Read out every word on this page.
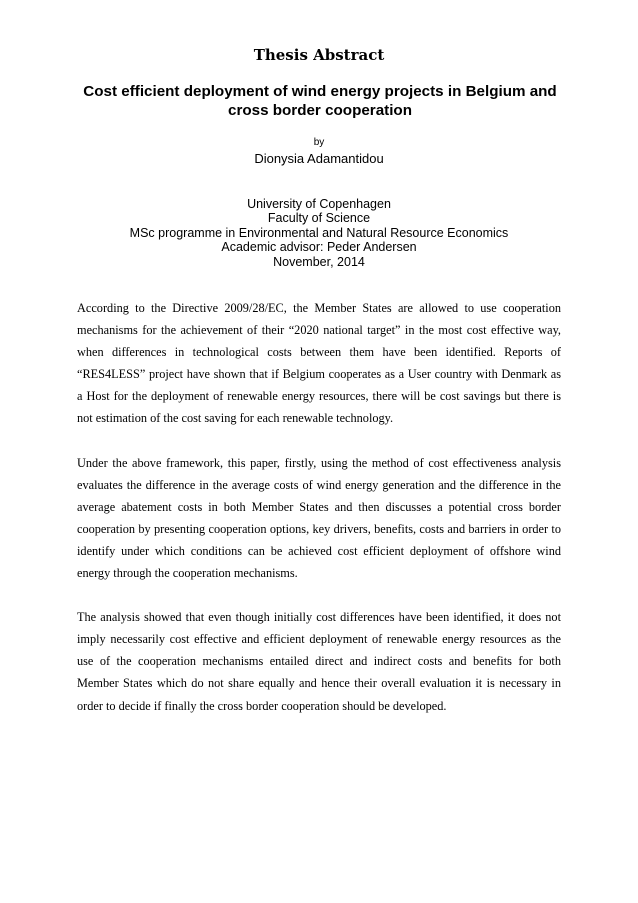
Thesis Abstract
Cost efficient deployment of wind energy projects in Belgium and cross border cooperation
by
Dionysia Adamantidou
University of Copenhagen
Faculty of Science
MSc programme in Environmental and Natural Resource Economics
Academic advisor: Peder Andersen
November, 2014

According to the Directive 2009/28/EC, the Member States are allowed to use cooperation mechanisms for the achievement of their “2020 national target” in the most cost effective way, when differences in technological costs between them have been identified. Reports of “RES4LESS” project have shown that if Belgium cooperates as a User country with Denmark as a Host for the deployment of renewable energy resources, there will be cost savings but there is not estimation of the cost saving for each renewable technology.

Under the above framework, this paper, firstly, using the method of cost effectiveness analysis evaluates the difference in the average costs of wind energy generation and the difference in the average abatement costs in both Member States and then discusses a potential cross border cooperation by presenting cooperation options, key drivers, benefits, costs and barriers in order to identify under which conditions can be achieved cost efficient deployment of offshore wind energy through the cooperation mechanisms.

The analysis showed that even though initially cost differences have been identified, it does not imply necessarily cost effective and efficient deployment of renewable energy resources as the use of the cooperation mechanisms entailed direct and indirect costs and benefits for both Member States which do not share equally and hence their overall evaluation it is necessary in order to decide if finally the cross border cooperation should be developed.
